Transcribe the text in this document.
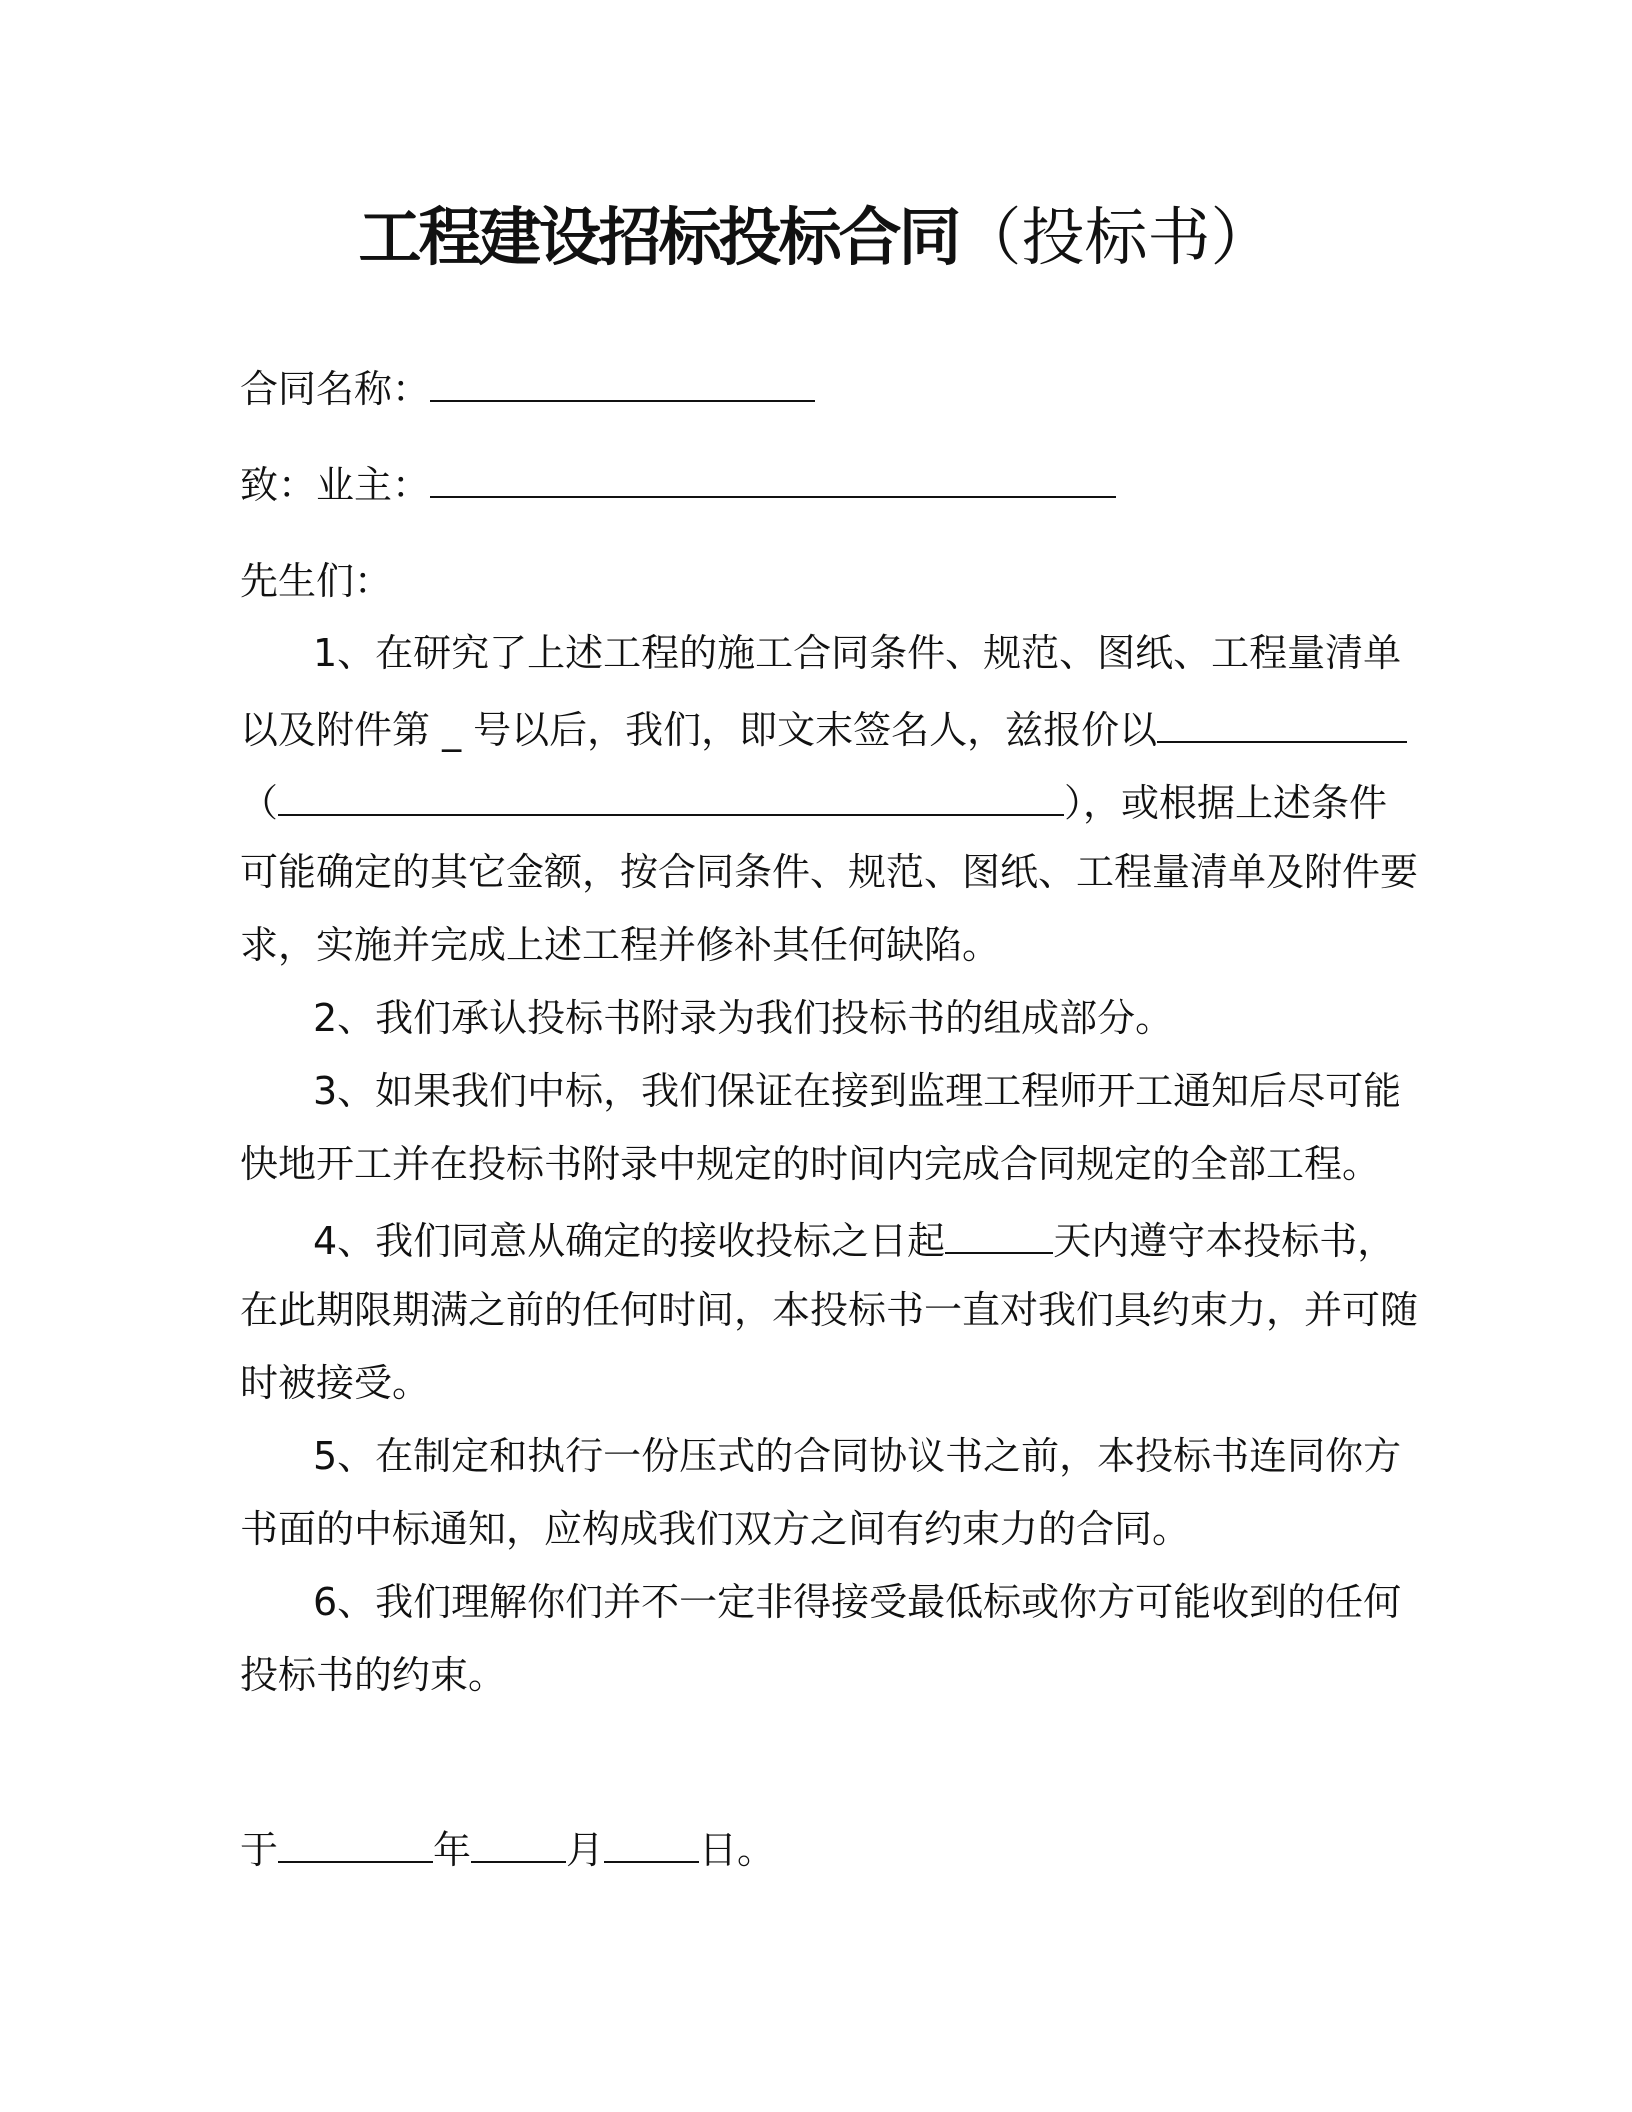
工程建设招标投标合同（投标书）
合同名称：
致：业主：
先生们：
1、在研究了上述工程的施工合同条件、规范、图纸、工程量清单
以及附件第 _ 号以后，我们，即文末签名人，兹报价以
（	），或根据上述条件
可能确定的其它金额，按合同条件、规范、图纸、工程量清单及附件要
求，实施并完成上述工程并修补其任何缺陷。
2、我们承认投标书附录为我们投标书的组成部分。
3、如果我们中标，我们保证在接到监理工程师开工通知后尽可能
快地开工并在投标书附录中规定的时间内完成合同规定的全部工程。
4、我们同意从确定的接收投标之日起	天内遵守本投标书，
在此期限期满之前的任何时间，本投标书一直对我们具约束力，并可随
时被接受。
5、在制定和执行一份压式的合同协议书之前，本投标书连同你方
书面的中标通知，应构成我们双方之间有约束力的合同。
6、我们理解你们并不一定非得接受最低标或你方可能收到的任何
投标书的约束。
于	年	月	日。
